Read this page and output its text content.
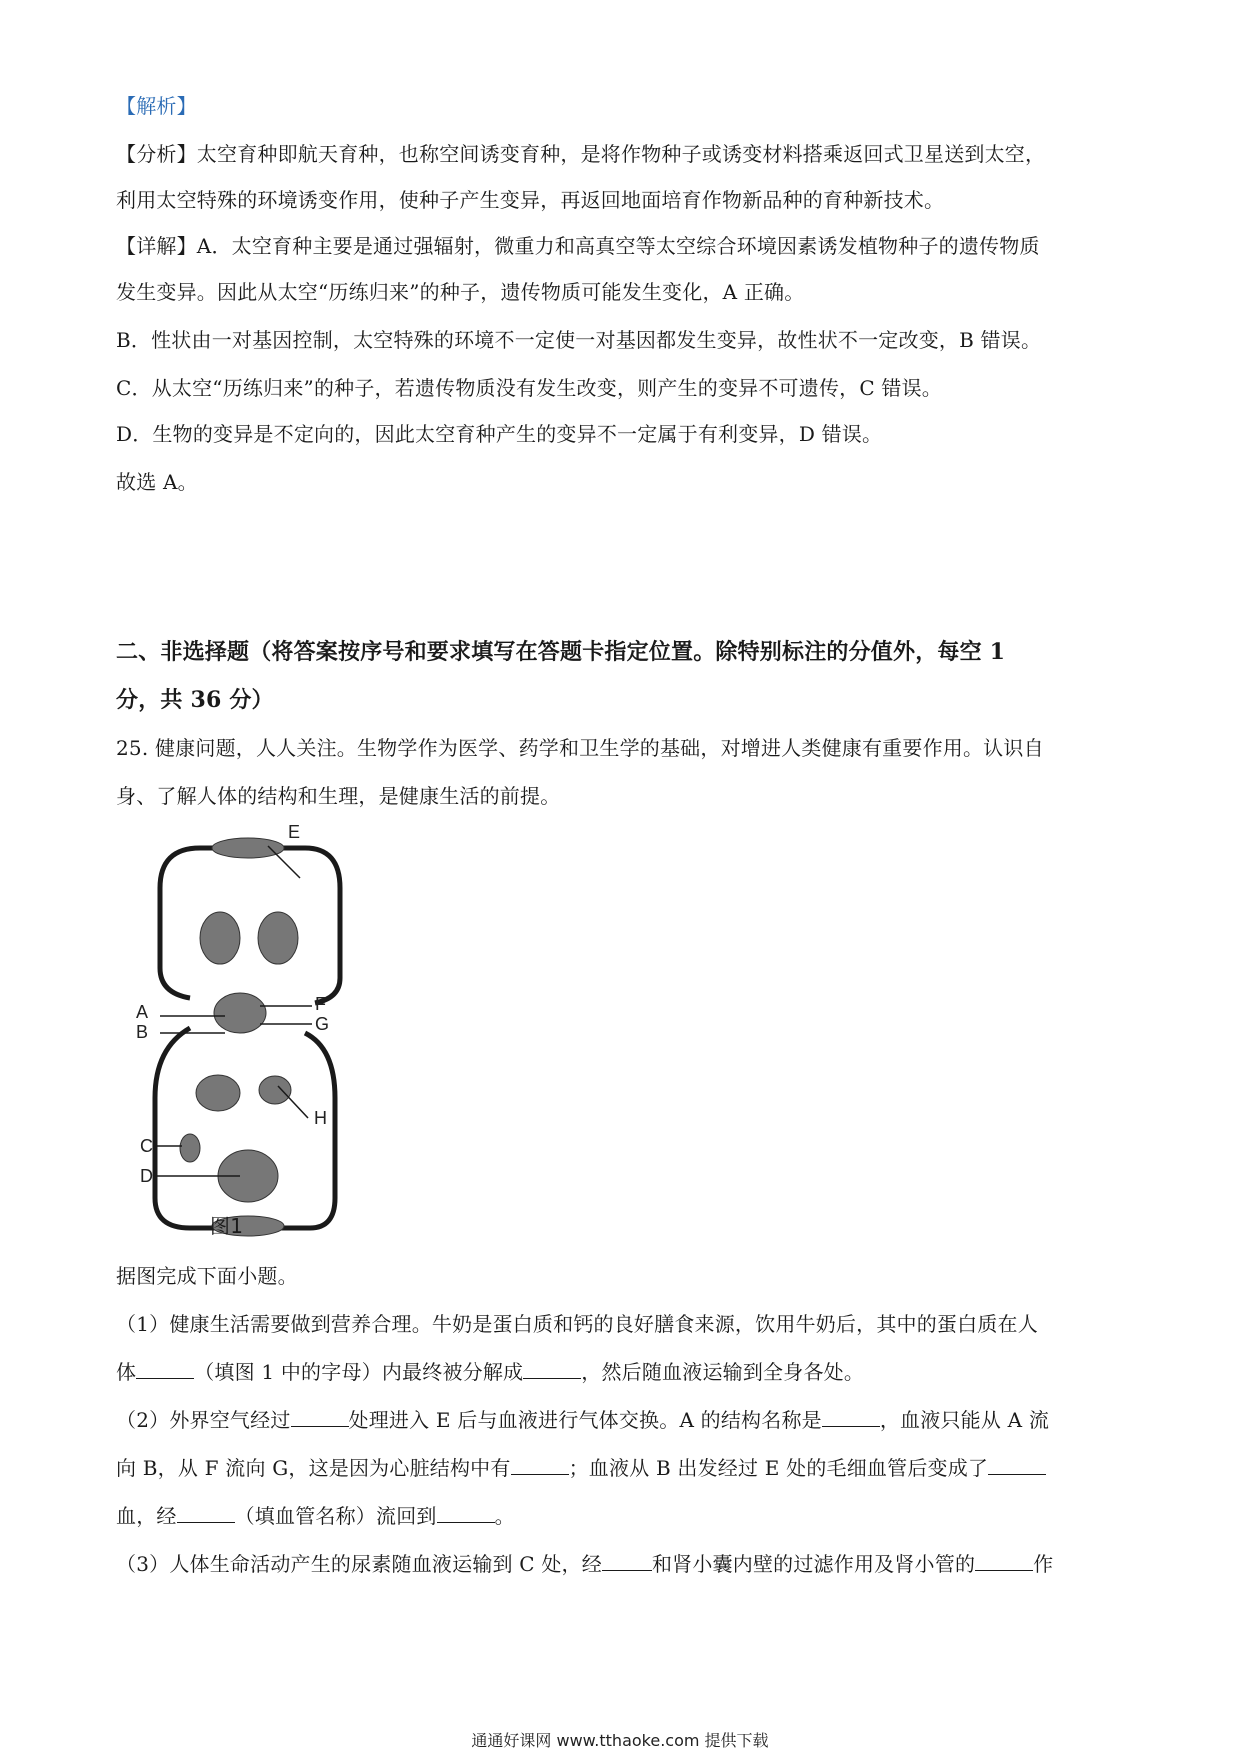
【解析】
【分析】太空育种即航天育种，也称空间诱变育种，是将作物种子或诱变材料搭乘返回式卫星送到太空，
利用太空特殊的环境诱变作用，使种子产生变异，再返回地面培育作物新品种的育种新技术。
【详解】A．太空育种主要是通过强辐射，微重力和高真空等太空综合环境因素诱发植物种子的遗传物质
发生变异。因此从太空“历练归来”的种子，遗传物质可能发生变化，A 正确。
B．性状由一对基因控制，太空特殊的环境不一定使一对基因都发生变异，故性状不一定改变，B 错误。
C．从太空“历练归来”的种子，若遗传物质没有发生改变，则产生的变异不可遗传，C 错误。
D．生物的变异是不定向的，因此太空育种产生的变异不一定属于有利变异，D 错误。
故选 A。
二、非选择题（将答案按序号和要求填写在答题卡指定位置。除特别标注的分值外，每空 1
分，共 36 分）
25. 健康问题，人人关注。生物学作为医学、药学和卫生学的基础，对增进人类健康有重要作用。认识自
身、了解人体的结构和生理，是健康生活的前提。
E
F
G
A
B
C
D
H
图1
据图完成下面小题。
（1）健康生活需要做到营养合理。牛奶是蛋白质和钙的良好膳食来源，饮用牛奶后，其中的蛋白质在人
体	（填图 1 中的字母）内最终被分解成	，然后随血液运输到全身各处。
（2）外界空气经过	处理进入 E 后与血液进行气体交换。A 的结构名称是	，血液只能从 A 流
向 B，从 F 流向 G，这是因为心脏结构中有	；血液从 B 出发经过 E 处的毛细血管后变成了
血，经	（填血管名称）流回到	。
（3）人体生命活动产生的尿素随血液运输到 C 处，经	和肾小囊内壁的过滤作用及肾小管的	作
通通好课网 www.tthaoke.com 提供下载
